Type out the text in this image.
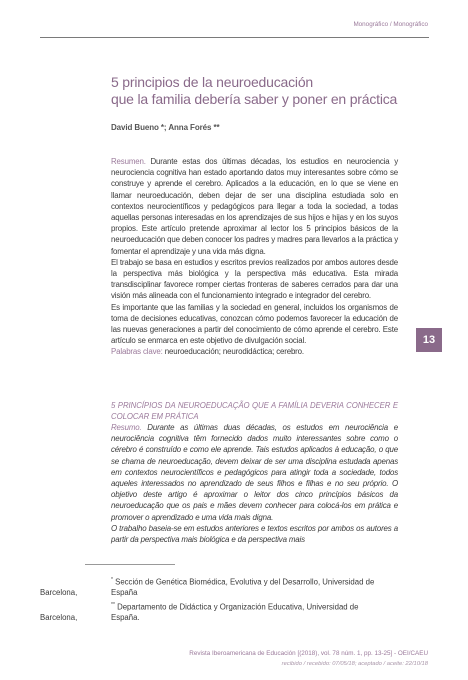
Monográfico / Monográfico
5 principios de la neuroeducación
que la familia debería saber y poner en práctica
David Bueno *; Anna Forés **

Resumen. Durante estas dos últimas décadas, los estudios en neurociencia y neurociencia cognitiva han estado aportando datos muy interesantes sobre cómo se construye y aprende el cerebro. Aplicados a la educación, en lo que se viene en llamar neuroeducación, deben dejar de ser una disciplina estudiada solo en contextos neurocientíficos y pedagógicos para llegar a toda la sociedad, a todas aquellas personas interesadas en los aprendizajes de sus hijos e hijas y en los suyos propios. Este artículo pretende aproximar al lector los 5 principios básicos de la neuroeducación que deben conocer los padres y madres para llevarlos a la práctica y fomentar el aprendizaje y una vida más digna.

El trabajo se basa en estudios y escritos previos realizados por ambos autores desde la perspectiva más biológica y la perspectiva más educativa. Esta mirada transdisciplinar favorece romper ciertas fronteras de saberes cerrados para dar una visión más alineada con el funcionamiento integrado e integrador del cerebro.

Es importante que las familias y la sociedad en general, incluidos los organismos de toma de decisiones educativas, conozcan cómo podemos favorecer la educación de las nuevas generaciones a partir del conocimiento de cómo aprende el cerebro. Este artículo se enmarca en este objetivo de divulgación social.

Palabras clave: neuroeducación; neurodidáctica; cerebro.

5 PRINCÍPIOS DA NEUROEDUCAÇÃO QUE A FAMÍLIA DEVERIA CONHECER E COLOCAR EM PRÁTICA

Resumo. Durante as últimas duas décadas, os estudos em neurociência e neurociência cognitiva têm fornecido dados muito interessantes sobre como o cérebro é construído e como ele aprende. Tais estudos aplicados à educação, o que se chama de neuroeducação, devem deixar de ser uma disciplina estudada apenas em contextos neurocientíficos e pedagógicos para atingir toda a sociedade, todos aqueles interessados no aprendizado de seus filhos e filhas e no seu próprio. O objetivo deste artigo é aproximar o leitor dos cinco princípios básicos da neuroeducação que os pais e mães devem conhecer para colocá-los em prática e promover o aprendizado e uma vida mais digna.

O trabalho baseia-se em estudos anteriores e textos escritos por ambos os autores a partir da perspectiva mais biológica e da perspectiva mais

13
* Sección de Genética Biomédica, Evolutiva y del Desarrollo, Universidad de
Barcelona,	España
** Departamento de Didáctica y Organización Educativa, Universidad de
Barcelona,	España.
Revista Iberoamericana de Educación [(2018), vol. 78 núm. 1, pp. 13-25] - OEI/CAEU
recibido / recebido: 07/05/18; aceptado / aceite: 22/10/18
